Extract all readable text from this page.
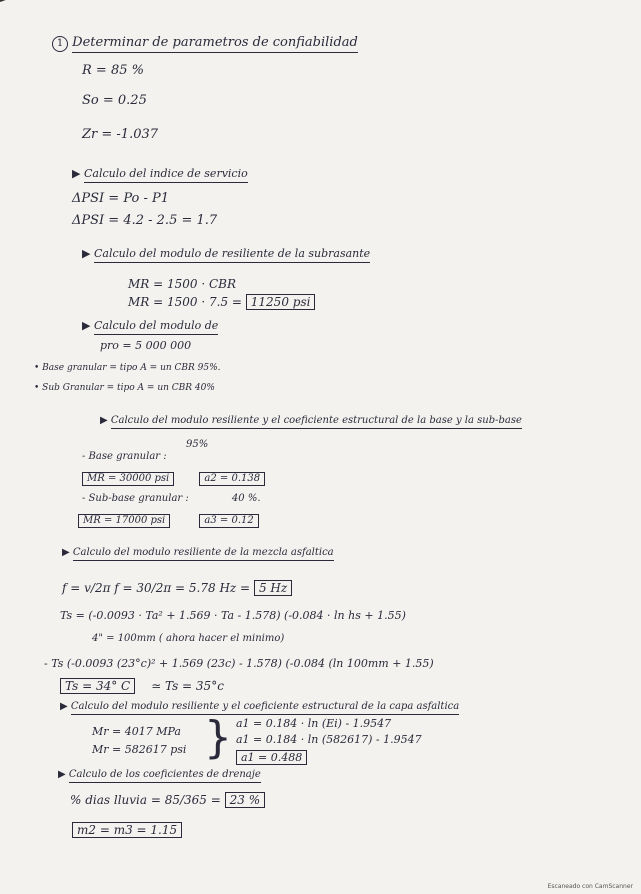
1 Determinar de parametros de confiabilidad
R = 85 %
So = 0.25
Zr = -1.037
▶ Calculo del indice de servicio
ΔPSI = Po - P1
ΔPSI = 4.2 - 2.5 = 1.7
▶ Calculo del modulo de resiliente de la subrasante
MR = 1500 · CBR
MR = 1500 · 7.5 = 11250 psi
▶ Calculo del modulo de
pro = 5 000 000
• Base granular = tipo A = un CBR 95%.
• Sub Granular = tipo A = un CBR 40%
▶ Calculo del modulo resiliente y el coeficiente estructural de la base y la sub-base
95%
- Base granular :
MR = 30000 psi	a2 = 0.138
- Sub-base granular :	40 %.
MR = 17000 psi	a3 = 0.12
▶ Calculo del modulo resiliente de la mezcla asfaltica
f = v/2π f = 30/2π = 5.78 Hz = 5 Hz
Ts = (-0.0093 · Ta² + 1.569 · Ta - 1.578) (-0.084 · ln hs + 1.55)
4" = 100mm ( ahora hacer el minimo)
- Ts (-0.0093 (23°c)² + 1.569 (23c) - 1.578) (-0.084 (ln 100mm + 1.55)
Ts = 34° C ≃ Ts = 35°c
▶ Calculo del modulo resiliente y el coeficiente estructural de la capa asfaltica
Mr = 4017 MPa
Mr = 582617 psi } a1 = 0.184 · ln (Ei) - 1.9547
a1 = 0.184 · ln (582617) - 1.9547
a1 = 0.488
▶ Calculo de los coeficientes de drenaje
% dias lluvia = 85/365 = 23 %
m2 = m3 = 1.15
Escaneado con CamScanner
